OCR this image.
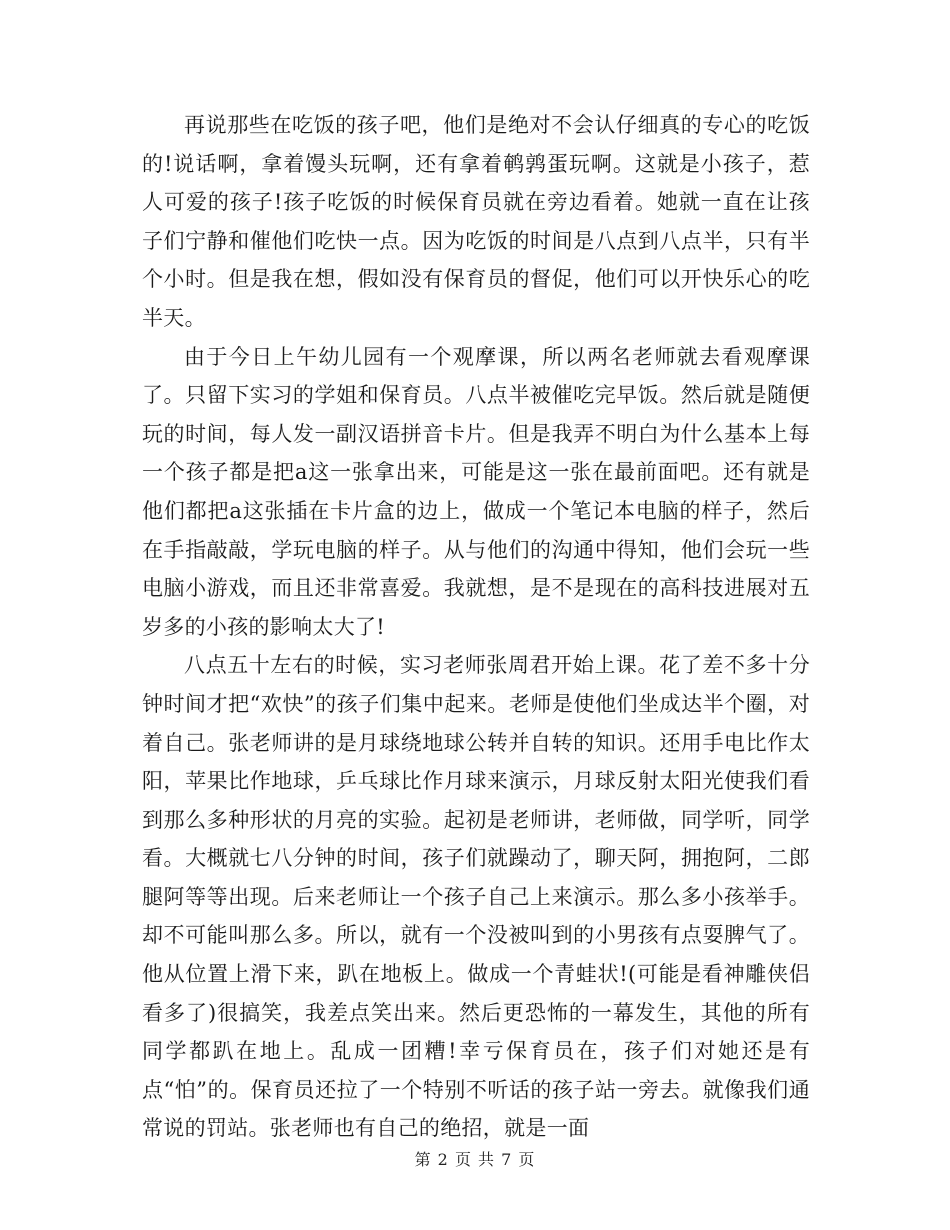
再说那些在吃饭的孩子吧，他们是绝对不会认仔细真的专心的吃饭的!说话啊，拿着馒头玩啊，还有拿着鹌鹑蛋玩啊。这就是小孩子，惹人可爱的孩子!孩子吃饭的时候保育员就在旁边看着。她就一直在让孩子们宁静和催他们吃快一点。因为吃饭的时间是八点到八点半，只有半个小时。但是我在想，假如没有保育员的督促，他们可以开快乐心的吃半天。

由于今日上午幼儿园有一个观摩课，所以两名老师就去看观摩课了。只留下实习的学姐和保育员。八点半被催吃完早饭。然后就是随便玩的时间，每人发一副汉语拼音卡片。但是我弄不明白为什么基本上每一个孩子都是把a这一张拿出来，可能是这一张在最前面吧。还有就是他们都把a这张插在卡片盒的边上，做成一个笔记本电脑的样子，然后在手指敲敲，学玩电脑的样子。从与他们的沟通中得知，他们会玩一些电脑小游戏，而且还非常喜爱。我就想，是不是现在的高科技进展对五岁多的小孩的影响太大了!

八点五十左右的时候，实习老师张周君开始上课。花了差不多十分钟时间才把“欢快”的孩子们集中起来。老师是使他们坐成达半个圈，对着自己。张老师讲的是月球绕地球公转并自转的知识。还用手电比作太阳，苹果比作地球，乒乓球比作月球来演示，月球反射太阳光使我们看到那么多种形状的月亮的实验。起初是老师讲，老师做，同学听，同学看。大概就七八分钟的时间，孩子们就躁动了，聊天阿，拥抱阿，二郎腿阿等等出现。后来老师让一个孩子自己上来演示。那么多小孩举手。却不可能叫那么多。所以，就有一个没被叫到的小男孩有点耍脾气了。他从位置上滑下来，趴在地板上。做成一个青蛙状!(可能是看神雕侠侣看多了)很搞笑，我差点笑出来。然后更恐怖的一幕发生，其他的所有同学都趴在地上。乱成一团糟!幸亏保育员在，孩子们对她还是有点“怕”的。保育员还拉了一个特别不听话的孩子站一旁去。就像我们通常说的罚站。张老师也有自己的绝招，就是一面

第 2 页 共 7 页
